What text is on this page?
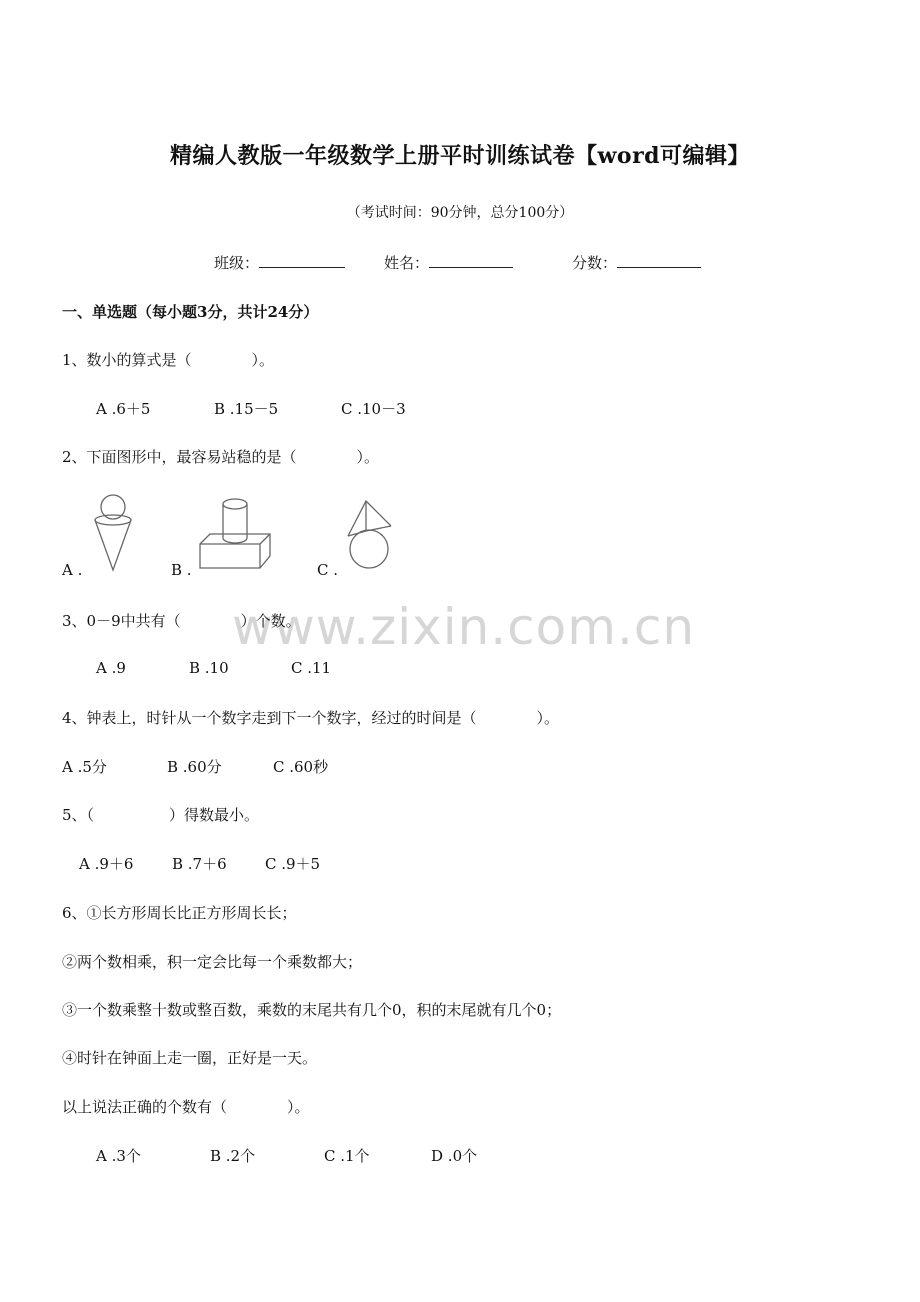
精编人教版一年级数学上册平时训练试卷【word可编辑】
（考试时间：90分钟，总分100分）
班级：	姓名：	分数：
一、单选题（每小题3分，共计24分）
1、数小的算式是（　　　　）。
A .6＋5	B .15－5	C .10－3
2、下面图形中，最容易站稳的是（　　　　）。
A .	B .	C .
www.zixin.com.cn
3、0－9中共有（　　　　）个数。
A .9	B .10	C .11
4、钟表上，时针从一个数字走到下一个数字，经过的时间是（　　　　）。
A .5分	B .60分	C .60秒
5、（　　　　　）得数最小。
A .9＋6	B .7＋6	C .9＋5
6、①长方形周长比正方形周长长；
②两个数相乘，积一定会比每一个乘数都大；
③一个数乘整十数或整百数，乘数的末尾共有几个0，积的末尾就有几个0；
④时针在钟面上走一圈，正好是一天。
以上说法正确的个数有（　　　　）。
A .3个	B .2个	C .1个	D .0个
